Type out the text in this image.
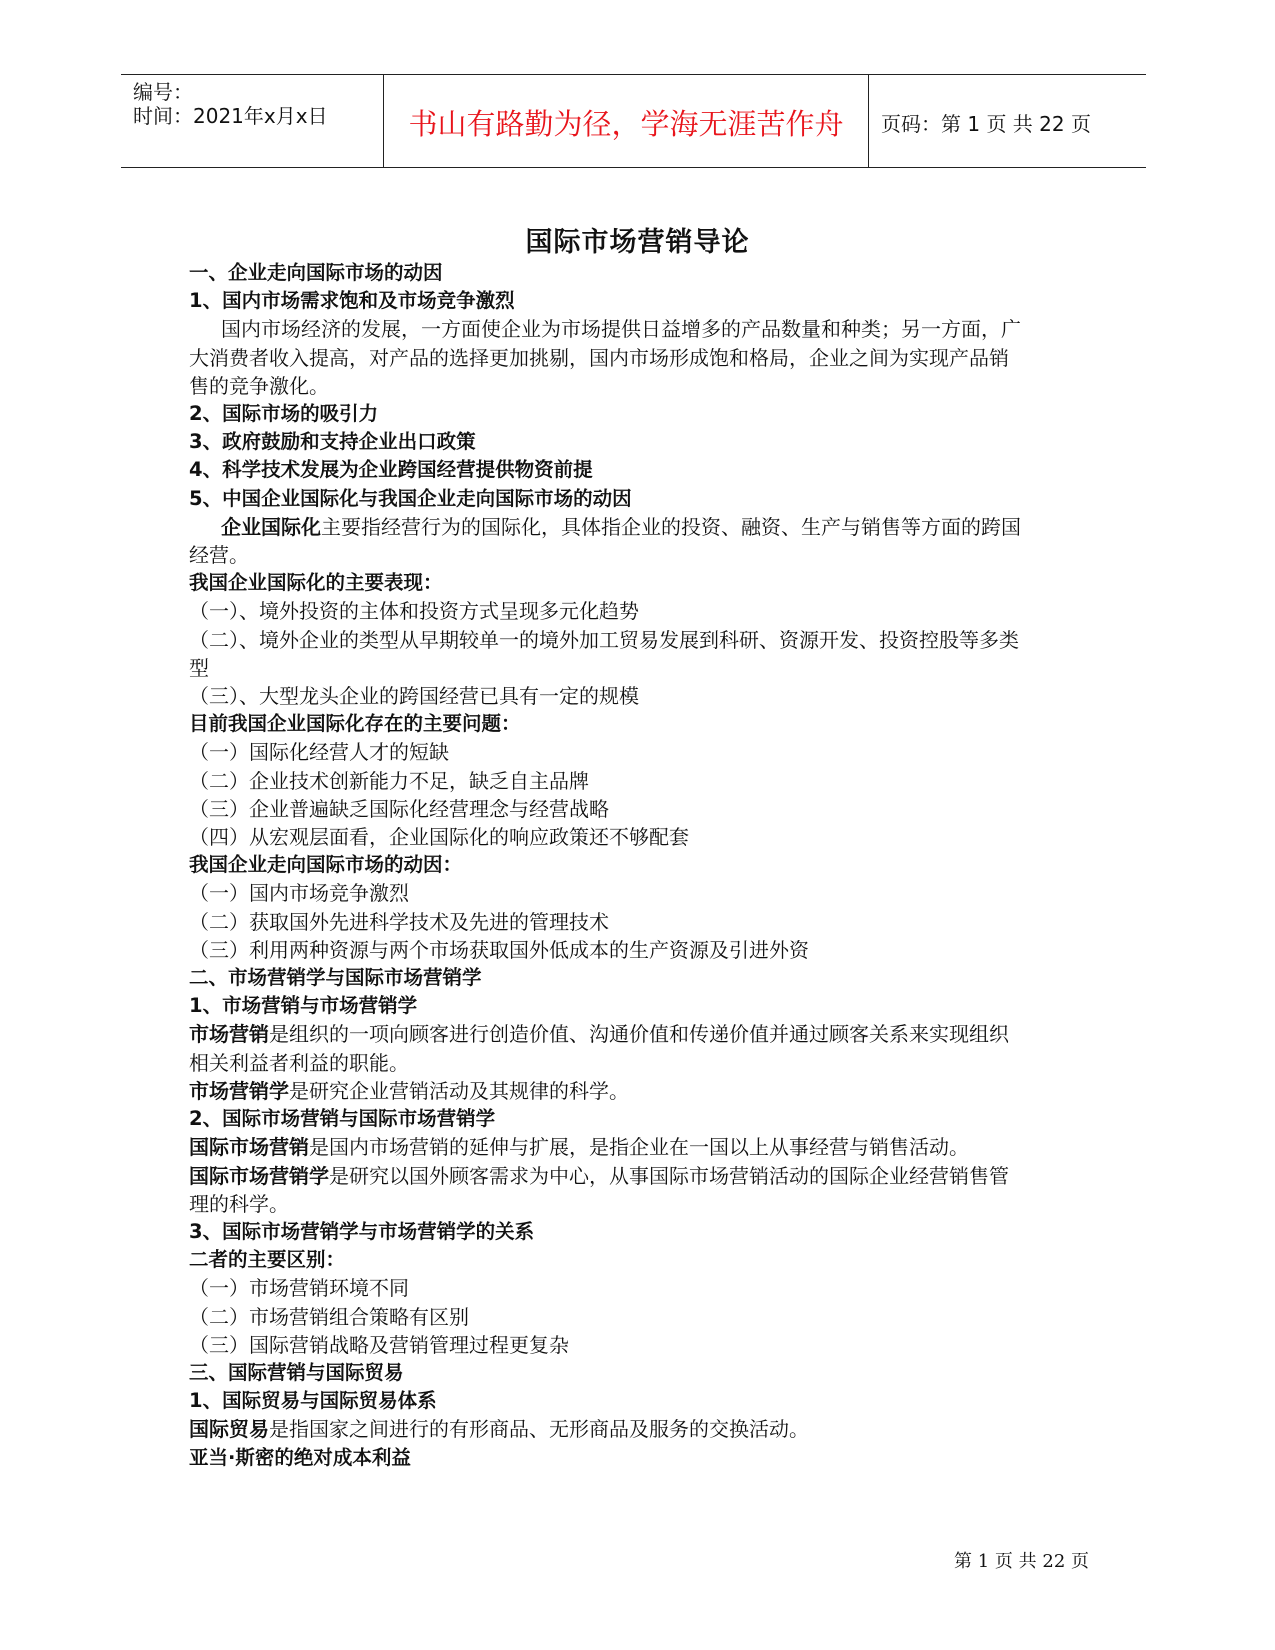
编号：
时间：2021年x月x日	书山有路勤为径，学海无涯苦作舟	页码：第 1 页 共 22 页
国际市场营销导论

一、企业走向国际市场的动因

1、国内市场需求饱和及市场竞争激烈

国内市场经济的发展，一方面使企业为市场提供日益增多的产品数量和种类；另一方面，广

大消费者收入提高，对产品的选择更加挑剔，国内市场形成饱和格局，企业之间为实现产品销

售的竞争激化。

2、国际市场的吸引力

3、政府鼓励和支持企业出口政策

4、科学技术发展为企业跨国经营提供物资前提

5、中国企业国际化与我国企业走向国际市场的动因

企业国际化主要指经营行为的国际化，具体指企业的投资、融资、生产与销售等方面的跨国

经营。

我国企业国际化的主要表现：

（一）、境外投资的主体和投资方式呈现多元化趋势

（二）、境外企业的类型从早期较单一的境外加工贸易发展到科研、资源开发、投资控股等多类

型

（三）、大型龙头企业的跨国经营已具有一定的规模

目前我国企业国际化存在的主要问题：

（一）国际化经营人才的短缺

（二）企业技术创新能力不足，缺乏自主品牌

（三）企业普遍缺乏国际化经营理念与经营战略

（四）从宏观层面看，企业国际化的响应政策还不够配套

我国企业走向国际市场的动因：

（一）国内市场竞争激烈

（二）获取国外先进科学技术及先进的管理技术

（三）利用两种资源与两个市场获取国外低成本的生产资源及引进外资

二、市场营销学与国际市场营销学

1、市场营销与市场营销学

市场营销是组织的一项向顾客进行创造价值、沟通价值和传递价值并通过顾客关系来实现组织

相关利益者利益的职能。

市场营销学是研究企业营销活动及其规律的科学。

2、国际市场营销与国际市场营销学

国际市场营销是国内市场营销的延伸与扩展，是指企业在一国以上从事经营与销售活动。

国际市场营销学是研究以国外顾客需求为中心，从事国际市场营销活动的国际企业经营销售管

理的科学。

3、国际市场营销学与市场营销学的关系

二者的主要区别：

（一）市场营销环境不同

（二）市场营销组合策略有区别

（三）国际营销战略及营销管理过程更复杂

三、国际营销与国际贸易

1、国际贸易与国际贸易体系

国际贸易是指国家之间进行的有形商品、无形商品及服务的交换活动。

亚当·斯密的绝对成本利益

第 1 页 共 22 页
